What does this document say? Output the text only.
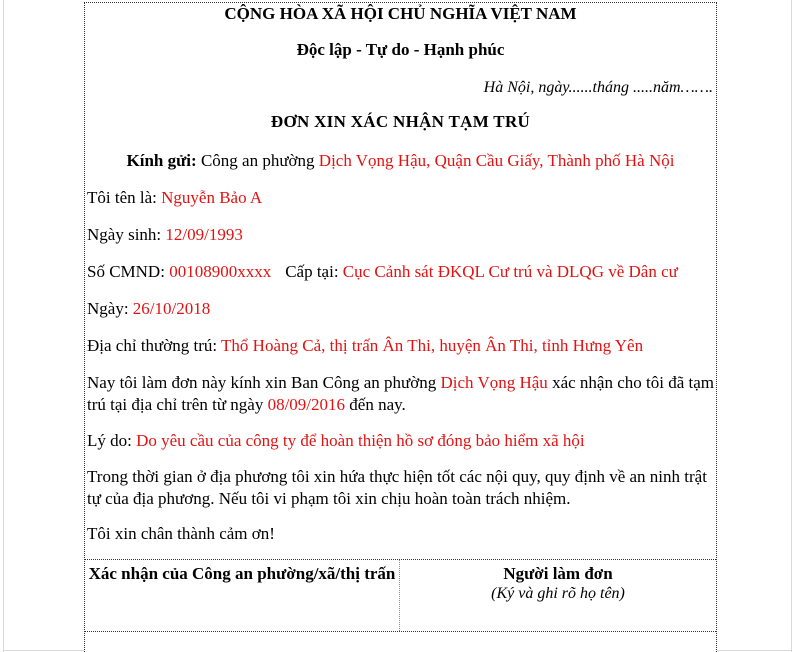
CỘNG HÒA XÃ HỘI CHỦ NGHĨA VIỆT NAM
Độc lập - Tự do - Hạnh phúc
Hà Nội, ngày......tháng .....năm…….
ĐƠN XIN XÁC NHẬN TẠM TRÚ
Kính gửi: Công an phường Dịch Vọng Hậu, Quận Cầu Giấy, Thành phố Hà Nội
Tôi tên là: Nguyễn Bảo A
Ngày sinh: 12/09/1993
Số CMND: 00108900xxxx Cấp tại: Cục Cảnh sát ĐKQL Cư trú và DLQG về Dân cư
Ngày: 26/10/2018
Địa chỉ thường trú: Thổ Hoàng Cả, thị trấn Ân Thi, huyện Ân Thi, tỉnh Hưng Yên
Nay tôi làm đơn này kính xin Ban Công an phường Dịch Vọng Hậu xác nhận cho tôi đã tạm trú tại địa chỉ trên từ ngày 08/09/2016 đến nay.
Lý do: Do yêu cầu của công ty để hoàn thiện hồ sơ đóng bảo hiểm xã hội
Trong thời gian ở địa phương tôi xin hứa thực hiện tốt các nội quy, quy định về an ninh trật tự của địa phương. Nếu tôi vi phạm tôi xin chịu hoàn toàn trách nhiệm.
Tôi xin chân thành cảm ơn!
Xác nhận của Công an phường/xã/thị trấn	Người làm đơn
(Ký và ghi rõ họ tên)
